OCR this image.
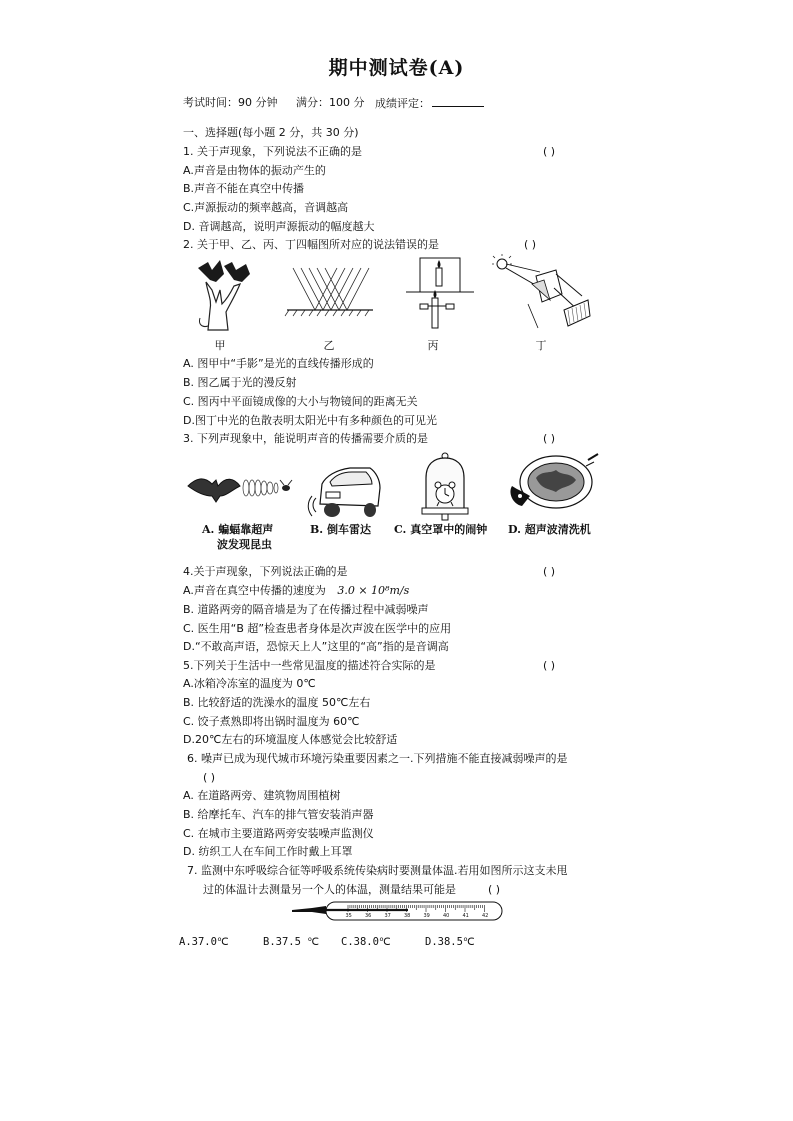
期中测试卷(A)
考试时间：90 分钟 满分：100 分 成绩评定：
一、选择题(每小题 2 分，共 30 分)
1. 关于声现象，下列说法不正确的是	( )
A.声音是由物体的振动产生的
B.声音不能在真空中传播
C.声源振动的频率越高，音调越高
D. 音调越高，说明声源振动的幅度越大
2. 关于甲、乙、丙、丁四幅图所对应的说法错误的是	( )
甲	乙	丙	丁
A. 图甲中“手影”是光的直线传播形成的
B. 图乙属于光的漫反射
C. 图丙中平面镜成像的大小与物镜间的距离无关
D.图丁中光的色散表明太阳光中有多种颜色的可见光
3. 下列声现象中，能说明声音的传播需要介质的是	( )
A. 蝙蝠靠超声
波发现昆虫
B. 倒车雷达 C. 真空罩中的闹钟 D. 超声波清洗机
4.关于声现象，下列说法正确的是	( )
A.声音在真空中传播的速度为 3.0 × 10⁸m/s
B. 道路两旁的隔音墙是为了在传播过程中减弱噪声
C. 医生用“B 超”检查患者身体是次声波在医学中的应用
D.“不敢高声语，恐惊天上人”这里的“高”指的是音调高
5.下列关于生活中一些常见温度的描述符合实际的是	( )
A.冰箱冷冻室的温度为 0℃
B. 比较舒适的洗澡水的温度 50℃左右
C. 饺子煮熟即将出锅时温度为 60℃
D.20℃左右的环境温度人体感觉会比较舒适
6. 噪声已成为现代城市环境污染重要因素之一.下列措施不能直接减弱噪声的是
( )
A. 在道路两旁、建筑物周围植树
B. 给摩托车、汽车的排气管安装消声器
C. 在城市主要道路两旁安装噪声监测仪
D. 纺织工人在车间工作时戴上耳罩
7. 监测中东呼吸综合征等呼吸系统传染病时要测量体温.若用如图所示这支未甩
过的体温计去测量另一个人的体温，测量结果可能是	( )
35	36	37	38	39	40	41	42
A.37.0℃	B.37.5 ℃ C.38.0℃	D.38.5℃
